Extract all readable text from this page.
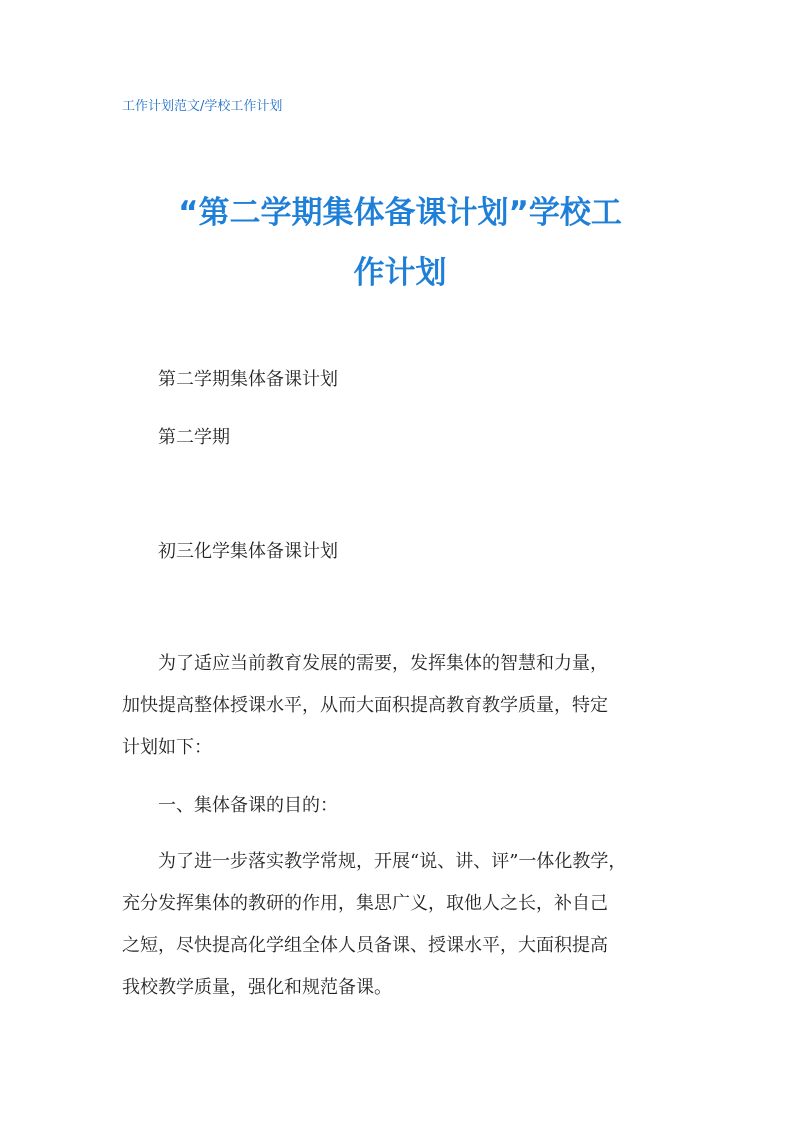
工作计划范文/学校工作计划
“第二学期集体备课计划”学校工
作计划
　　第二学期集体备课计划
　　第二学期
　　初三化学集体备课计划
　　为了适应当前教育发展的需要，发挥集体的智慧和力量，
加快提高整体授课水平，从而大面积提高教育教学质量，特定
计划如下：
　　一、集体备课的目的：
　　为了进一步落实教学常规，开展“说、讲、评”一体化教学，
充分发挥集体的教研的作用，集思广义，取他人之长，补自己
之短，尽快提高化学组全体人员备课、授课水平，大面积提高
我校教学质量，强化和规范备课。
